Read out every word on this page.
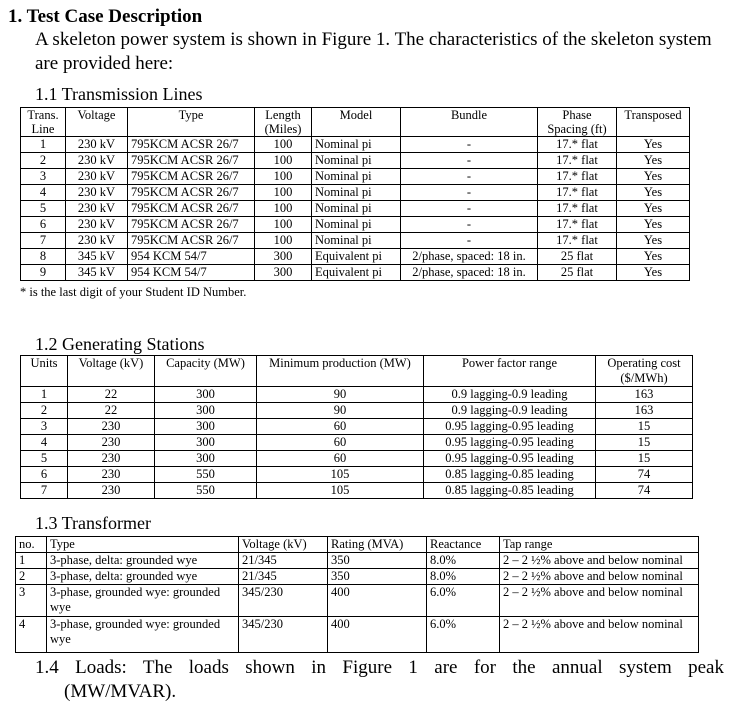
1. Test Case Description
A skeleton power system is shown in Figure 1. The characteristics of the skeleton system are provided here:
1.1 Transmission Lines
Trans. Line	Voltage	Type	Length (Miles)	Model	Bundle	Phase Spacing (ft)	Transposed
1	230 kV	795KCM ACSR 26/7	100	Nominal pi	-	17.* flat	Yes
2	230 kV	795KCM ACSR 26/7	100	Nominal pi	-	17.* flat	Yes
3	230 kV	795KCM ACSR 26/7	100	Nominal pi	-	17.* flat	Yes
4	230 kV	795KCM ACSR 26/7	100	Nominal pi	-	17.* flat	Yes
5	230 kV	795KCM ACSR 26/7	100	Nominal pi	-	17.* flat	Yes
6	230 kV	795KCM ACSR 26/7	100	Nominal pi	-	17.* flat	Yes
7	230 kV	795KCM ACSR 26/7	100	Nominal pi	-	17.* flat	Yes
8	345 kV	954 KCM 54/7	300	Equivalent pi	2/phase, spaced: 18 in.	25 flat	Yes
9	345 kV	954 KCM 54/7	300	Equivalent pi	2/phase, spaced: 18 in.	25 flat	Yes
* is the last digit of your Student ID Number.
1.2 Generating Stations
Units	Voltage (kV)	Capacity (MW)	Minimum production (MW)	Power factor range	Operating cost ($/MWh)
1	22	300	90	0.9 lagging-0.9 leading	163
2	22	300	90	0.9 lagging-0.9 leading	163
3	230	300	60	0.95 lagging-0.95 leading	15
4	230	300	60	0.95 lagging-0.95 leading	15
5	230	300	60	0.95 lagging-0.95 leading	15
6	230	550	105	0.85 lagging-0.85 leading	74
7	230	550	105	0.85 lagging-0.85 leading	74
1.3 Transformer
no.	Type	Voltage (kV)	Rating (MVA)	Reactance	Tap range
1	3-phase, delta: grounded wye	21/345	350	8.0%	2 – 2 ½% above and below nominal
2	3-phase, delta: grounded wye	21/345	350	8.0%	2 – 2 ½% above and below nominal
3	3-phase, grounded wye: grounded wye	345/230	400	6.0%	2 – 2 ½% above and below nominal
4	3-phase, grounded wye: grounded wye	345/230	400	6.0%	2 – 2 ½% above and below nominal
1.4 Loads: The loads shown in Figure 1 are for the annual system peak
(MW/MVAR).
